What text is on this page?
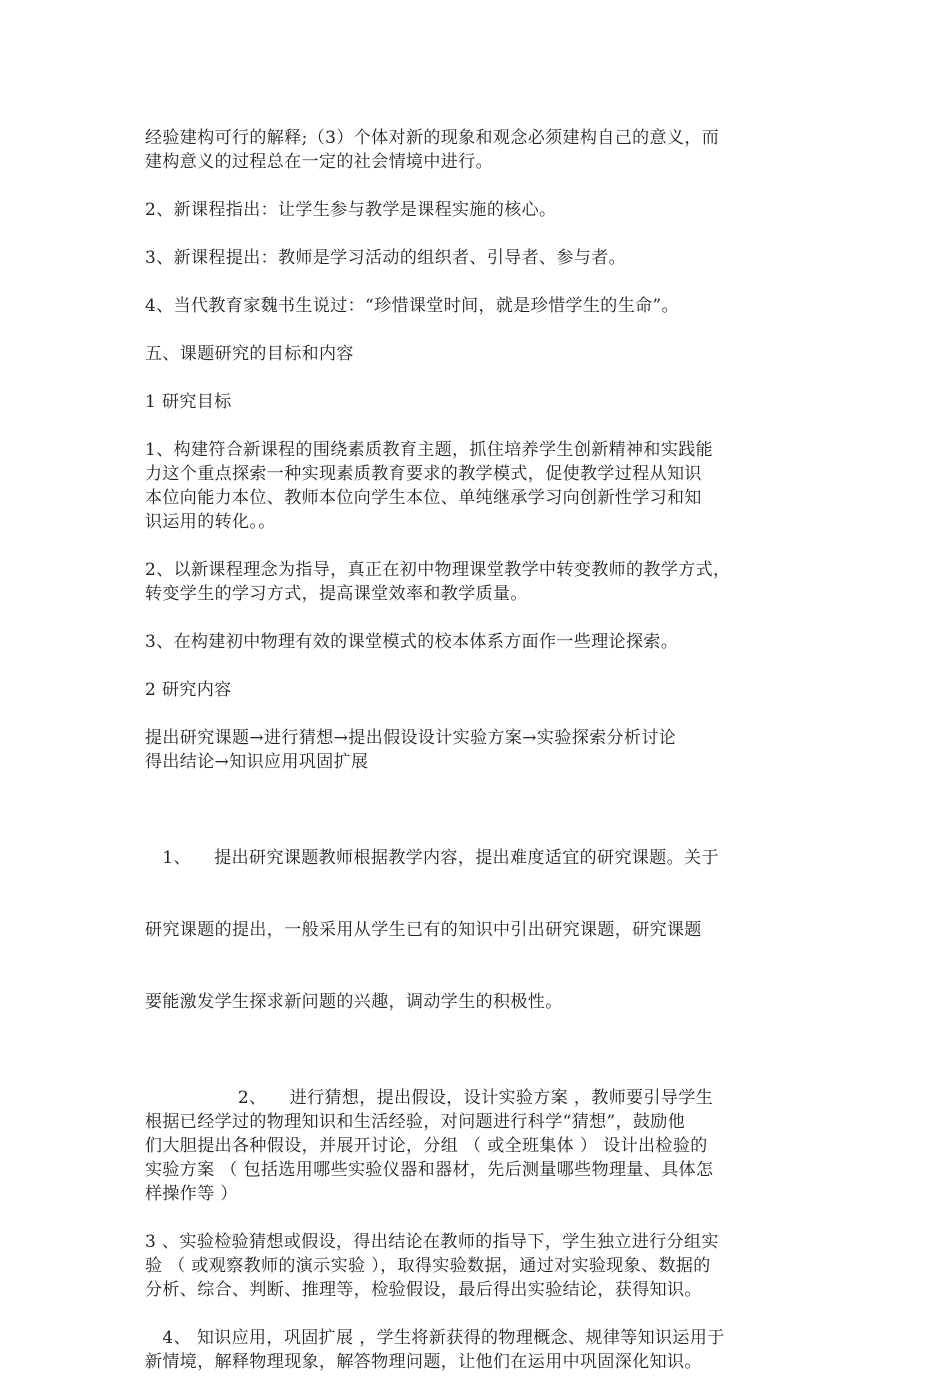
经验建构可行的解释;（3）个体对新的现象和观念必须建构自己的意义，而
建构意义的过程总在一定的社会情境中进行。

2、新课程指出：让学生参与教学是课程实施的核心。

3、新课程提出：教师是学习活动的组织者、引导者、参与者。

4、当代教育家魏书生说过：“珍惜课堂时间，就是珍惜学生的生命”。

五、课题研究的目标和内容

1 研究目标

1、构建符合新课程的围绕素质教育主题，抓住培养学生创新精神和实践能
力这个重点探索一种实现素质教育要求的教学模式，促使教学过程从知识
本位向能力本位、教师本位向学生本位、单纯继承学习向创新性学习和知
识运用的转化。。

2、以新课程理念为指导，真正在初中物理课堂教学中转变教师的教学方式，
转变学生的学习方式，提高课堂效率和教学质量。

3、在构建初中物理有效的课堂模式的校本体系方面作一些理论探索。

2 研究内容

提出研究课题→进行猜想→提出假设设计实验方案→实验探索分析讨论
得出结论→知识应用巩固扩展

1、    提出研究课题教师根据教学内容，提出难度适宜的研究课题。关于

研究课题的提出，一般采用从学生已有的知识中引出研究课题，研究课题

要能激发学生探求新问题的兴趣，调动学生的积极性。

2、    进行猜想，提出假设，设计实验方案 ，教师要引导学生
根据已经学过的物理知识和生活经验，对问题进行科学“猜想”，鼓励他
们大胆提出各种假设，并展开讨论，分组 （ 或全班集体 ） 设计出检验的
实验方案 （ 包括选用哪些实验仪器和器材，先后测量哪些物理量、具体怎
样操作等 ）

3 、实验检验猜想或假设，得出结论在教师的指导下，学生独立进行分组实
验 （ 或观察教师的演示实验 ），取得实验数据，通过对实验现象、数据的
分析、综合、判断、推理等，检验假设，最后得出实验结论，获得知识。

4、 知识应用，巩固扩展 ，学生将新获得的物理概念、规律等知识运用于
新情境，解释物理现象，解答物理问题，让他们在运用中巩固深化知识。
